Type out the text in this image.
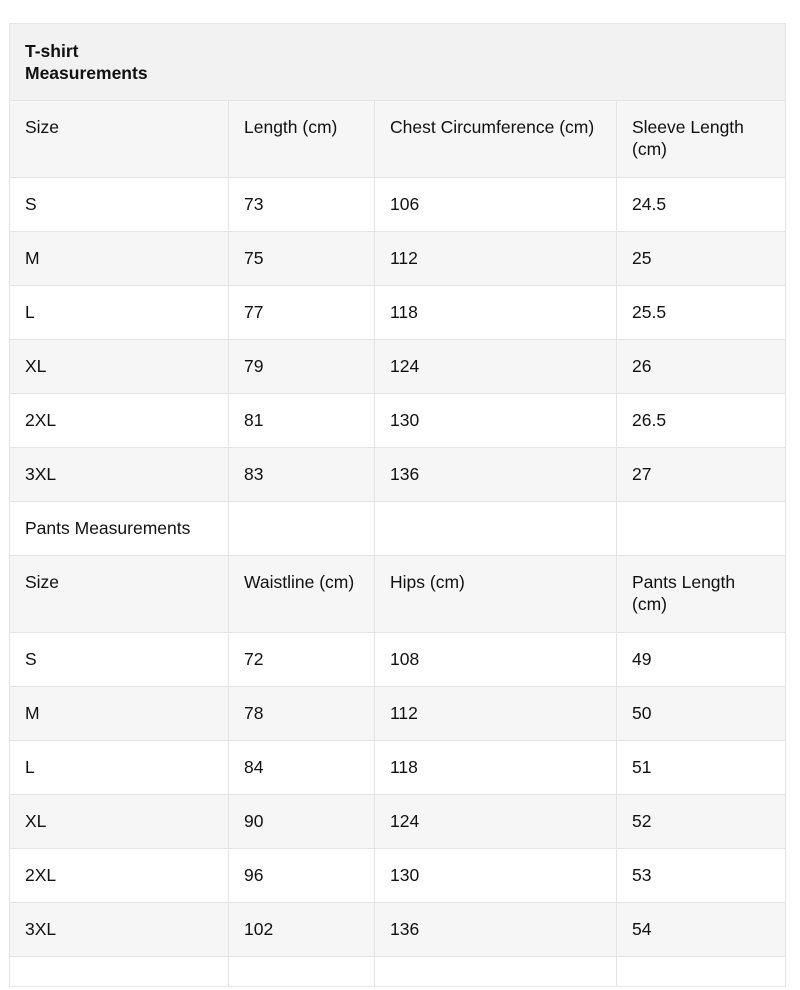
T-shirt Measurements			

Size	Length (cm)	Chest Circumference (cm)	Sleeve Length (cm)
S	73	106	24.5
M	75	112	25
L	77	118	25.5
XL	79	124	26
2XL	81	130	26.5
3XL	83	136	27
Pants Measurements			
Size	Waistline (cm)	Hips (cm)	Pants Length (cm)
S	72	108	49
M	78	112	50
L	84	118	51
XL	90	124	52
2XL	96	130	53
3XL	102	136	54
